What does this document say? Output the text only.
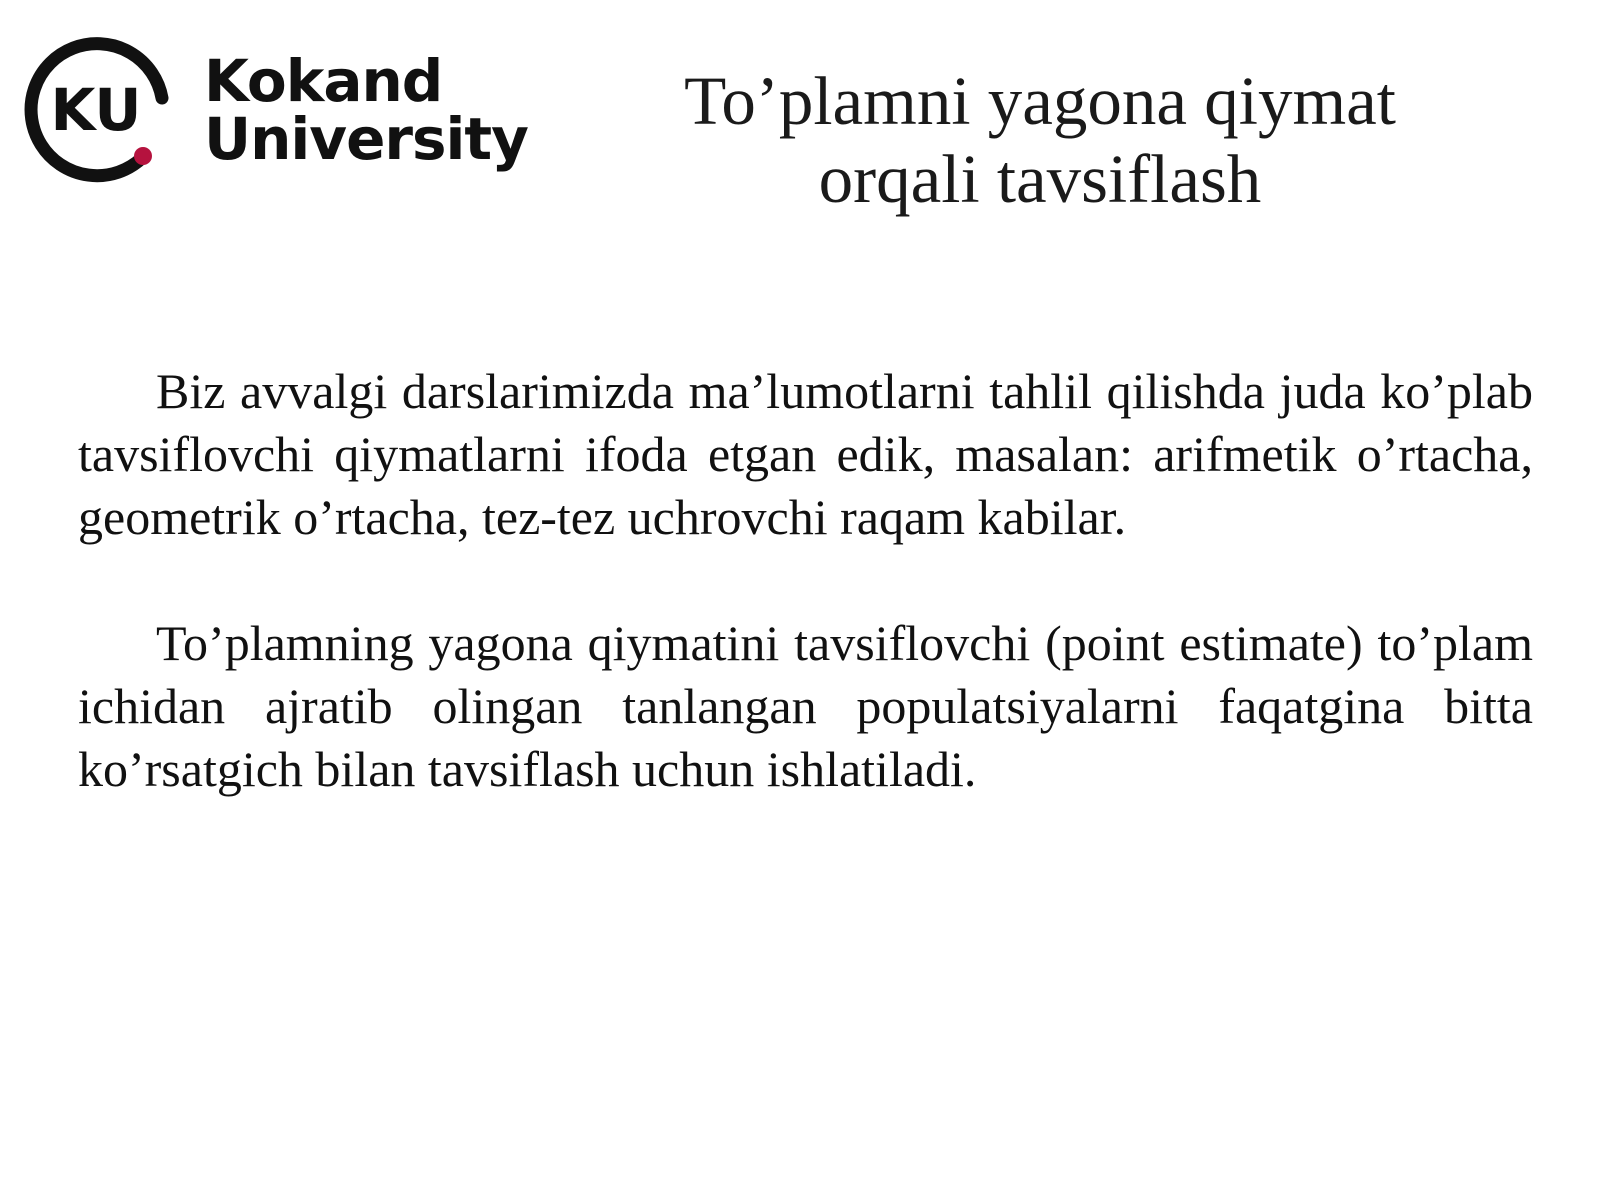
KU Kokand
University	To’plamni yagona qiymat
orqali tavsiflash

Biz avvalgi darslarimizda ma’lumotlarni tahlil qilishda juda ko’plab tavsiflovchi qiymatlarni ifoda etgan edik, masalan: arifmetik o’rtacha, geometrik o’rtacha, tez-tez uchrovchi raqam kabilar.

To’plamning yagona qiymatini tavsiflovchi (point estimate) to’plam ichidan ajratib olingan tanlangan populatsiyalarni faqatgina bitta ko’rsatgich bilan tavsiflash uchun ishlatiladi.
